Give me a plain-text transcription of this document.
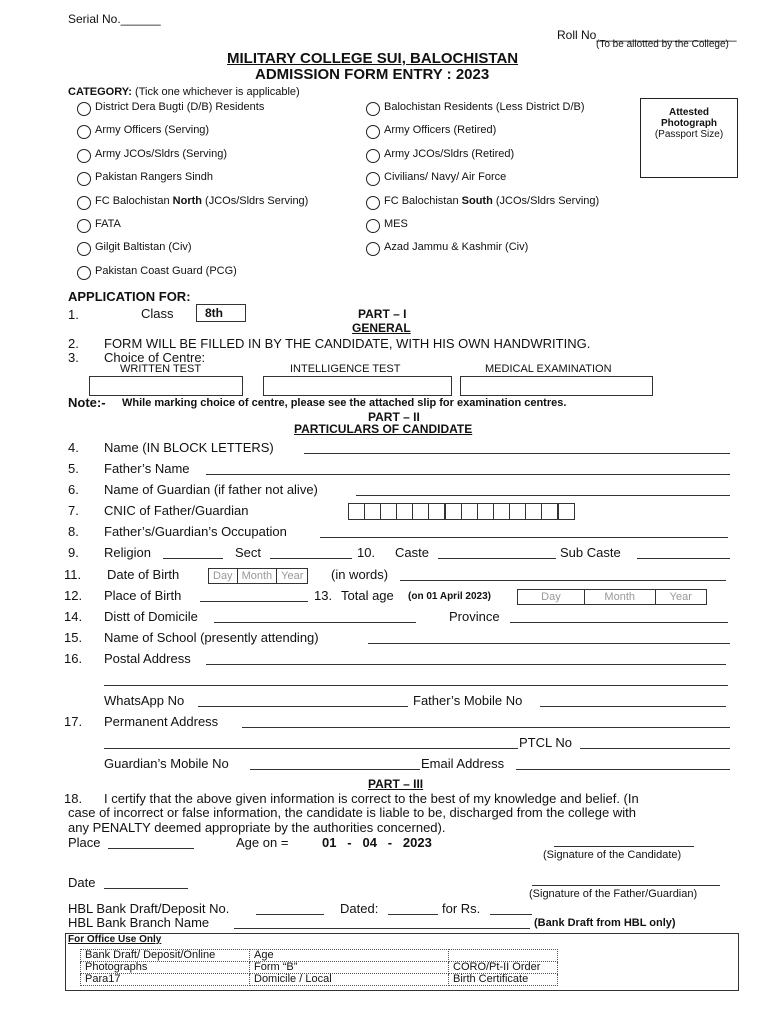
Serial No.______
Roll No_____________________
(To be allotted by the College)
MILITARY COLLEGE SUI, BALOCHISTAN
ADMISSION FORM ENTRY : 2023
Attested
Photograph
(Passport Size)
CATEGORY: (Tick one whichever is applicable)
District Dera Bugti (D/B) Residents
Army Officers (Serving)
Army JCOs/Sldrs (Serving)
Pakistan Rangers Sindh
FC Balochistan North (JCOs/Sldrs Serving)
FATA
Gilgit Baltistan (Civ)
Pakistan Coast Guard (PCG)
Balochistan Residents (Less District D/B)
Army Officers (Retired)
Army JCOs/Sldrs (Retired)
Civilians/ Navy/ Air Force
FC Balochistan South (JCOs/Sldrs Serving)
MES
Azad Jammu & Kashmir (Civ)
APPLICATION FOR:
1.	Class	8th	PART – I
GENERAL
2. FORM WILL BE FILLED IN BY THE CANDIDATE, WITH HIS OWN HANDWRITING.
3. Choice of Centre:
WRITTEN TEST	INTELLIGENCE TEST	MEDICAL EXAMINATION
Note:- While marking choice of centre, please see the attached slip for examination centres.
PART – II
PARTICULARS OF CANDIDATE
4. Name (IN BLOCK LETTERS)
5. Father’s Name
6. Name of Guardian (if father not alive)
7. CNIC of Father/Guardian
8. Father’s/Guardian’s Occupation
9. Religion	Sect	10. Caste	Sub Caste
11. Date of Birth	Day Month Year	(in words)
12. Place of Birth	13. Total age (on 01 April 2023)	Day	Month	Year
14. Distt of Domicile	Province
15. Name of School (presently attending)
16. Postal Address
WhatsApp No	Father’s Mobile No
17. Permanent Address
PTCL No
Guardian’s Mobile No	Email Address
PART – III
18. I certify that the above given information is correct to the best of my knowledge and belief. (In
case of incorrect or false information, the candidate is liable to be, discharged from the college with
any PENALTY deemed appropriate by the authorities concerned).
Place	Age on =	01   -   04   -   2023
(Signature of the Candidate)
Date
(Signature of the Father/Guardian)
HBL Bank Draft/Deposit No.	Dated:	for Rs.
HBL Bank Branch Name	(Bank Draft from HBL only)
For Office Use Only
Bank Draft/ Deposit/Online	Age	
Photographs	Form “B”	CORO/Pt-II Order
Para17	Domicile / Local	Birth Certificate
